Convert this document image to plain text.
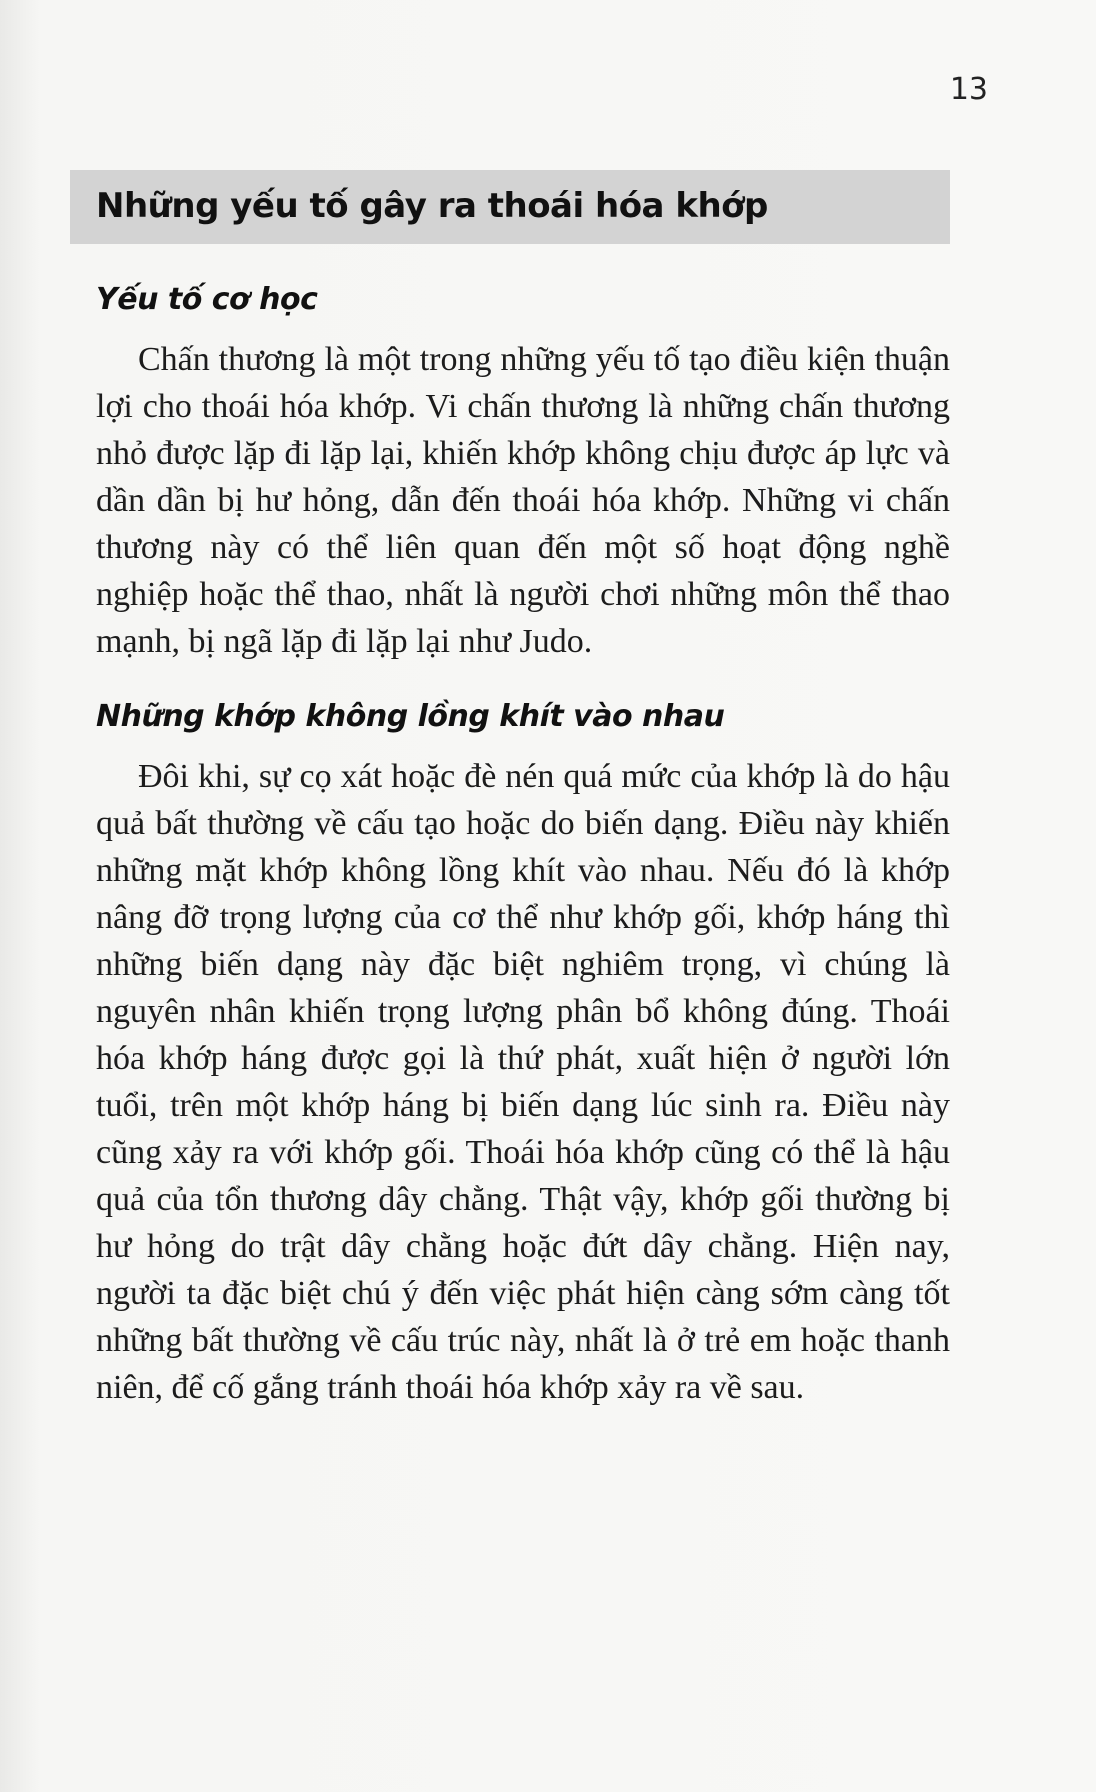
13
Những yếu tố gây ra thoái hóa khớp
Yếu tố cơ học

Chấn thương là một trong những yếu tố tạo điều kiện thuận lợi cho thoái hóa khớp. Vi chấn thương là những chấn thương nhỏ được lặp đi lặp lại, khiến khớp không chịu được áp lực và dần dần bị hư hỏng, dẫn đến thoái hóa khớp. Những vi chấn thương này có thể liên quan đến một số hoạt động nghề nghiệp hoặc thể thao, nhất là người chơi những môn thể thao mạnh, bị ngã lặp đi lặp lại như Judo.

Những khớp không lồng khít vào nhau

Đôi khi, sự cọ xát hoặc đè nén quá mức của khớp là do hậu quả bất thường về cấu tạo hoặc do biến dạng. Điều này khiến những mặt khớp không lồng khít vào nhau. Nếu đó là khớp nâng đỡ trọng lượng của cơ thể như khớp gối, khớp háng thì những biến dạng này đặc biệt nghiêm trọng, vì chúng là nguyên nhân khiến trọng lượng phân bổ không đúng. Thoái hóa khớp háng được gọi là thứ phát, xuất hiện ở người lớn tuổi, trên một khớp háng bị biến dạng lúc sinh ra. Điều này cũng xảy ra với khớp gối. Thoái hóa khớp cũng có thể là hậu quả của tổn thương dây chằng. Thật vậy, khớp gối thường bị hư hỏng do trật dây chằng hoặc đứt dây chằng. Hiện nay, người ta đặc biệt chú ý đến việc phát hiện càng sớm càng tốt những bất thường về cấu trúc này, nhất là ở trẻ em hoặc thanh niên, để cố gắng tránh thoái hóa khớp xảy ra về sau.
